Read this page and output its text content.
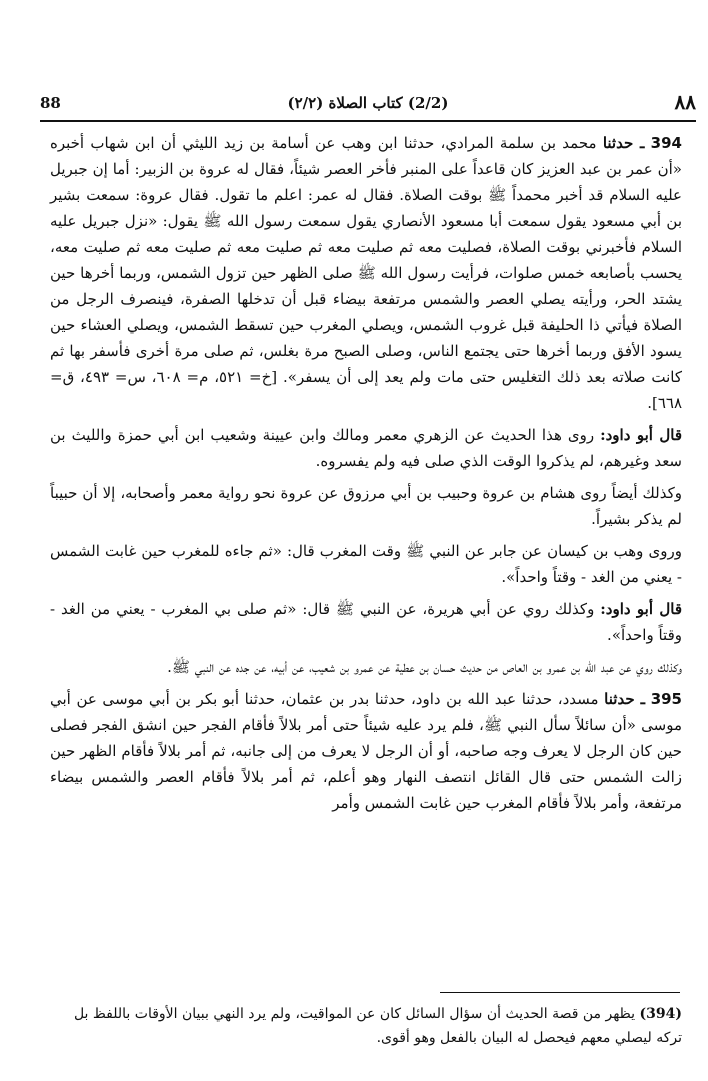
88	(2/2) كتاب الصلاة (٢/٢)	٨٨

394 ـ حدثنا محمد بن سلمة المرادي، حدثنا ابن وهب عن أسامة بن زيد الليثي أن ابن شهاب أخبره «أن عمر بن عبد العزيز كان قاعداً على المنبر فأخر العصر شيئاً، فقال له عروة بن الزبير: أما إن جبريل عليه السلام قد أخبر محمداً ﷺ بوقت الصلاة. فقال له عمر: اعلم ما تقول. فقال عروة: سمعت بشير بن أبي مسعود يقول سمعت أبا مسعود الأنصاري يقول سمعت رسول الله ﷺ يقول: «نزل جبريل عليه السلام فأخبرني بوقت الصلاة، فصليت معه ثم صليت معه ثم صليت معه ثم صليت معه ثم صليت معه، يحسب بأصابعه خمس صلوات، فرأيت رسول الله ﷺ صلى الظهر حين تزول الشمس، وربما أخرها حين يشتد الحر، ورأيته يصلي العصر والشمس مرتفعة بيضاء قبل أن تدخلها الصفرة، فينصرف الرجل من الصلاة فيأتي ذا الحليفة قبل غروب الشمس، ويصلي المغرب حين تسقط الشمس، ويصلي العشاء حين يسود الأفق وربما أخرها حتى يجتمع الناس، وصلى الصبح مرة بغلس، ثم صلى مرة أخرى فأسفر بها ثم كانت صلاته بعد ذلك التغليس حتى مات ولم يعد إلى أن يسفر». [خ= ٥٢١، م= ٦٠٨، س= ٤٩٣، ق= ٦٦٨].

قال أبو داود: روى هذا الحديث عن الزهري معمر ومالك وابن عيينة وشعيب ابن أبي حمزة والليث بن سعد وغيرهم، لم يذكروا الوقت الذي صلى فيه ولم يفسروه.

وكذلك أيضاً روى هشام بن عروة وحبيب بن أبي مرزوق عن عروة نحو رواية معمر وأصحابه، إلا أن حبيباً لم يذكر بشيراً.

وروى وهب بن كيسان عن جابر عن النبي ﷺ وقت المغرب قال: «ثم جاءه للمغرب حين غابت الشمس - يعني من الغد - وقتاً واحداً».

قال أبو داود: وكذلك روي عن أبي هريرة، عن النبي ﷺ قال: «ثم صلى بي المغرب - يعني من الغد - وقتاً واحداً».

وكذلك روي عن عبد الله بن عمرو بن العاص من حديث حسان بن عطية عن عمرو بن شعيب، عن أبيه، عن جده عن النبي ﷺ.

395 ـ حدثنا مسدد، حدثنا عبد الله بن داود، حدثنا بدر بن عثمان، حدثنا أبو بكر بن أبي موسى عن أبي موسى «أن سائلاً سأل النبي ﷺ، فلم يرد عليه شيئاً حتى أمر بلالاً فأقام الفجر حين انشق الفجر فصلى حين كان الرجل لا يعرف وجه صاحبه، أو أن الرجل لا يعرف من إلى جانبه، ثم أمر بلالاً فأقام الظهر حين زالت الشمس حتى قال القائل انتصف النهار وهو أعلم، ثم أمر بلالاً فأقام العصر والشمس بيضاء مرتفعة، وأمر بلالاً فأقام المغرب حين غابت الشمس وأمر

(394) يظهر من قصة الحديث أن سؤال السائل كان عن المواقيت، ولم يرد النهي ببيان الأوقات باللفظ بل تركه ليصلي معهم فيحصل له البيان بالفعل وهو أقوى.
